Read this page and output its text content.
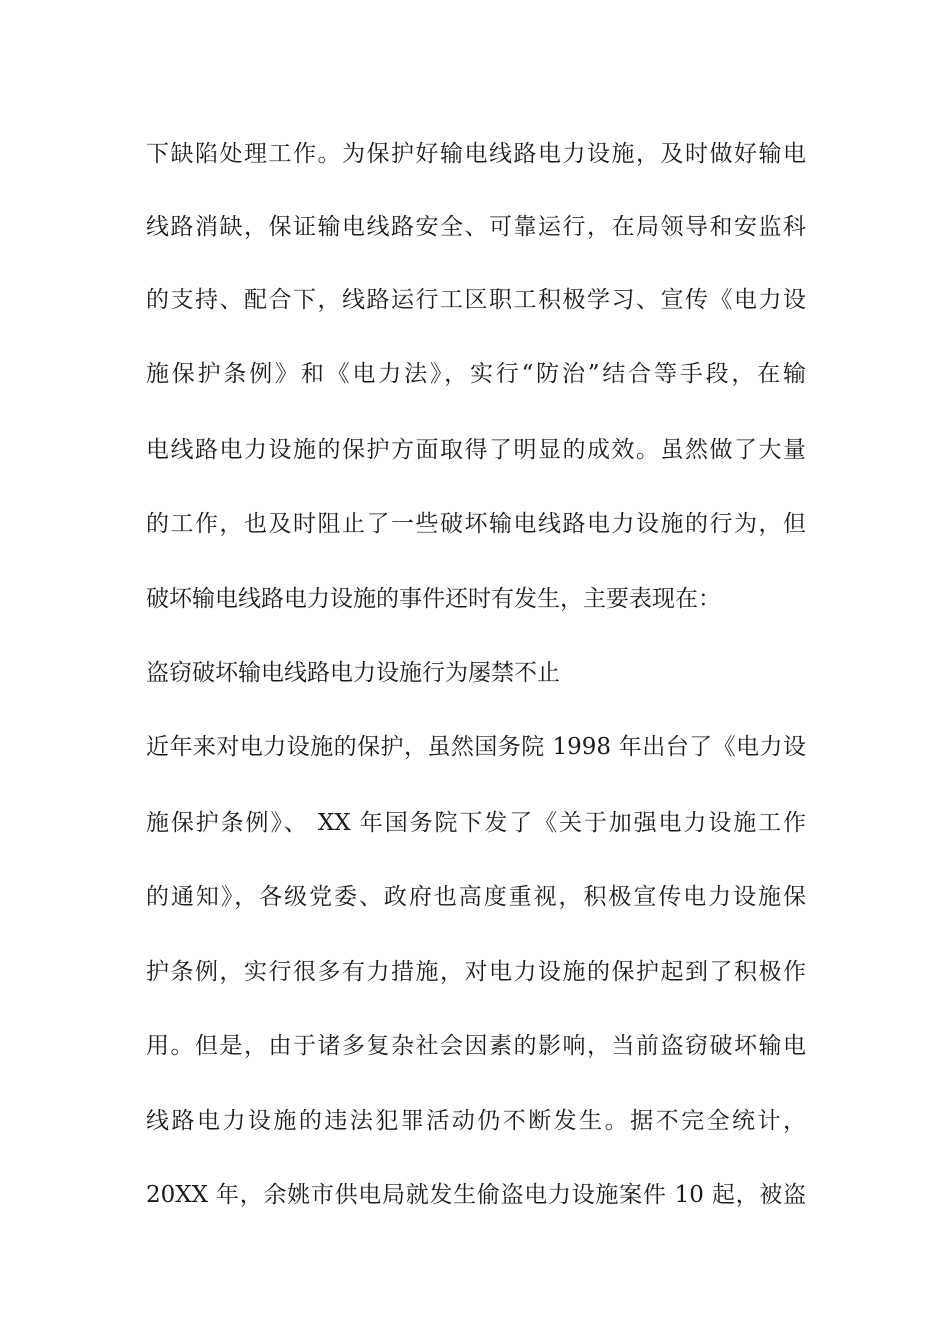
下缺陷处理工作。为保护好输电线路电力设施，及时做好输电
线路消缺，保证输电线路安全、可靠运行，在局领导和安监科
的支持、配合下，线路运行工区职工积极学习、宣传《电力设
施保护条例》和《电力法》，实行“防治”结合等手段，在输
电线路电力设施的保护方面取得了明显的成效。虽然做了大量
的工作，也及时阻止了一些破坏输电线路电力设施的行为，但
破坏输电线路电力设施的事件还时有发生，主要表现在：
盗窃破坏输电线路电力设施行为屡禁不止
近年来对电力设施的保护，虽然国务院 1998 年出台了《电力设
施保护条例》、 XX 年国务院下发了《关于加强电力设施工作
的通知》，各级党委、政府也高度重视，积极宣传电力设施保
护条例，实行很多有力措施，对电力设施的保护起到了积极作
用。但是，由于诸多复杂社会因素的影响，当前盗窃破坏输电
线路电力设施的违法犯罪活动仍不断发生。据不完全统计，
20XX 年，余姚市供电局就发生偷盗电力设施案件 10 起，被盗
